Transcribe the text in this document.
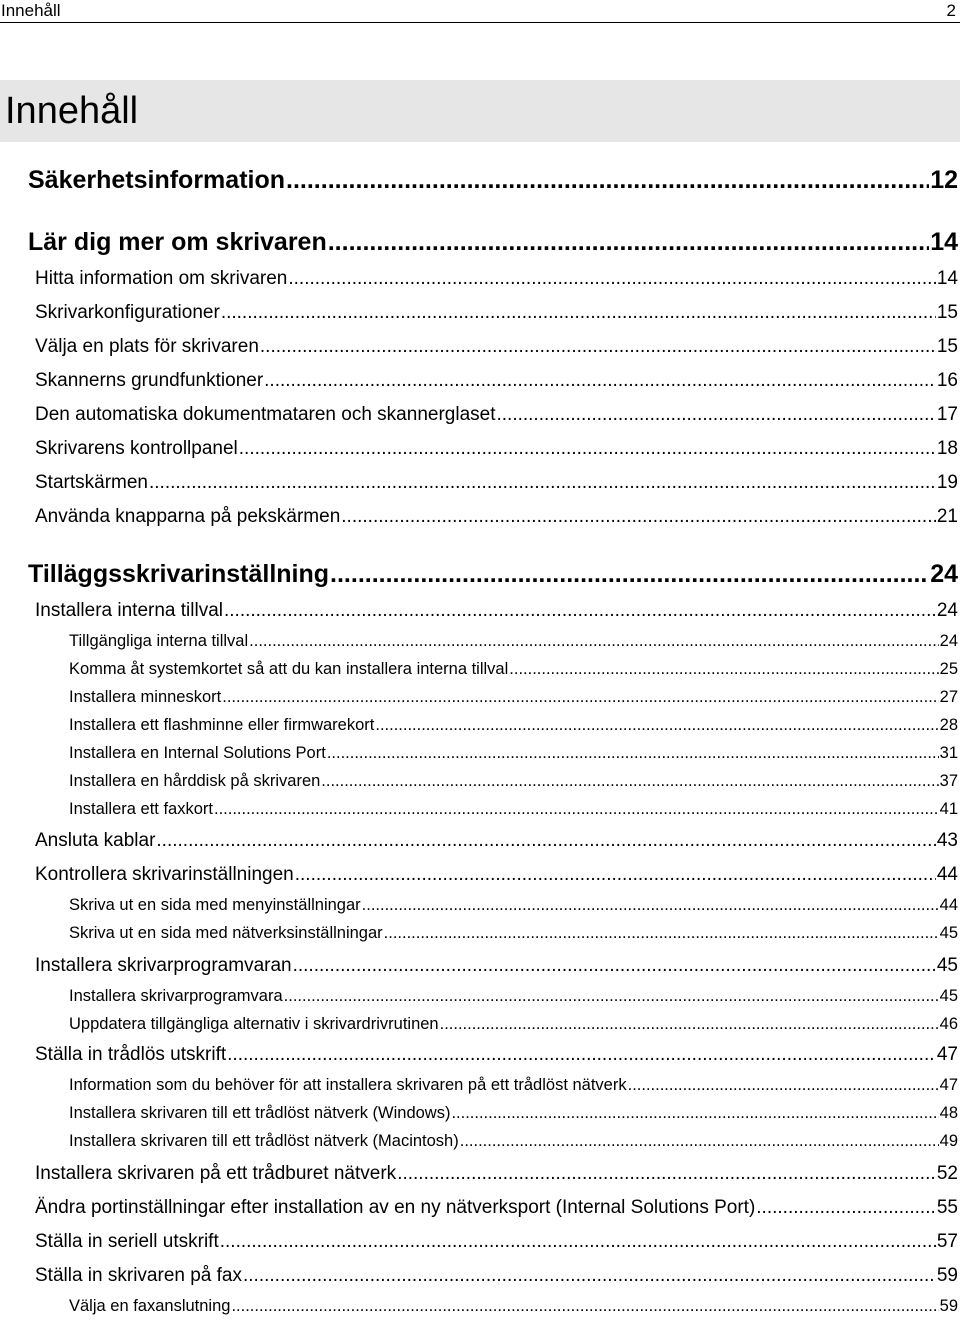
Innehåll	2
Innehåll
Säkerhetsinformation .....	12
Lär dig mer om skrivaren .....	14
Hitta information om skrivaren .....	14
Skrivarkonfigurationer .....	15
Välja en plats för skrivaren .....	15
Skannerns grundfunktioner .....	16
Den automatiska dokumentmataren och skannerglaset .....	17
Skrivarens kontrollpanel .....	18
Startskärmen .....	19
Använda knapparna på pekskärmen .....	21
Tilläggsskrivarinställning .....	24
Installera interna tillval .....	24
Tillgängliga interna tillval .....	24
Komma åt systemkortet så att du kan installera interna tillval .....	25
Installera minneskort .....	27
Installera ett flashminne eller firmwarekort .....	28
Installera en Internal Solutions Port .....	31
Installera en hårddisk på skrivaren .....	37
Installera ett faxkort .....	41
Ansluta kablar .....	43
Kontrollera skrivarinställningen .....	44
Skriva ut en sida med menyinställningar .....	44
Skriva ut en sida med nätverksinställningar .....	45
Installera skrivarprogramvaran .....	45
Installera skrivarprogramvara .....	45
Uppdatera tillgängliga alternativ i skrivardrivrutinen .....	46
Ställa in trådlös utskrift .....	47
Information som du behöver för att installera skrivaren på ett trådlöst nätverk .....	47
Installera skrivaren till ett trådlöst nätverk (Windows) .....	48
Installera skrivaren till ett trådlöst nätverk (Macintosh) .....	49
Installera skrivaren på ett trådburet nätverk .....	52
Ändra portinställningar efter installation av en ny nätverksport (Internal Solutions Port) .....	55
Ställa in seriell utskrift .....	57
Ställa in skrivaren på fax .....	59
Välja en faxanslutning .....	59
